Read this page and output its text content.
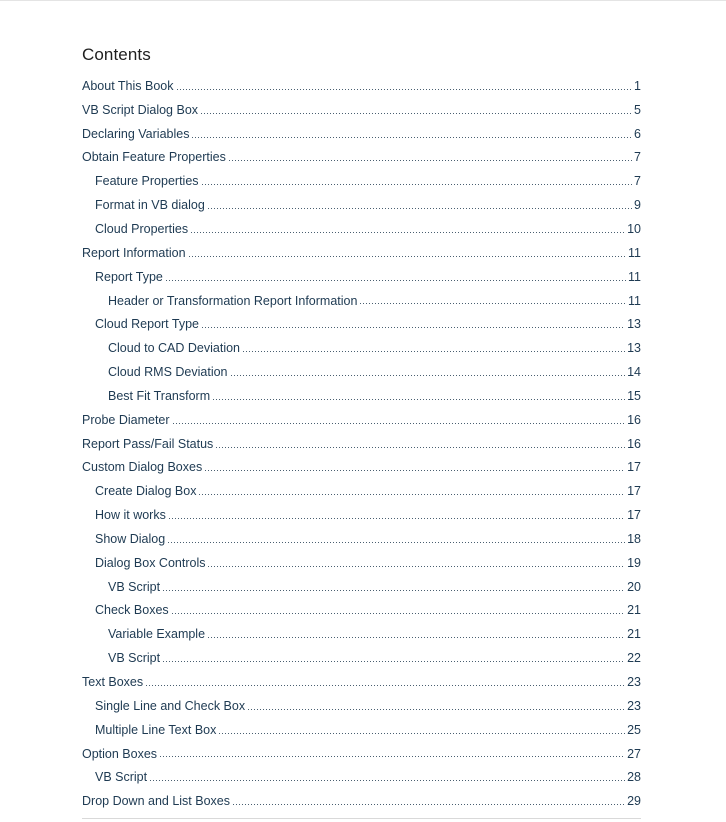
Contents
About This Book	1
VB Script Dialog Box	5
Declaring Variables	6
Obtain Feature Properties	7
Feature Properties	7
Format in VB dialog	9
Cloud Properties	10
Report Information	11
Report Type	11
Header or Transformation Report Information	11
Cloud Report Type	13
Cloud to CAD Deviation	13
Cloud RMS Deviation	14
Best Fit Transform	15
Probe Diameter	16
Report Pass/Fail Status	16
Custom Dialog Boxes	17
Create Dialog Box	17
How it works	17
Show Dialog	18
Dialog Box Controls	19
VB Script	20
Check Boxes	21
Variable Example	21
VB Script	22
Text Boxes	23
Single Line and Check Box	23
Multiple Line Text Box	25
Option Boxes	27
VB Script	28
Drop Down and List Boxes	29
